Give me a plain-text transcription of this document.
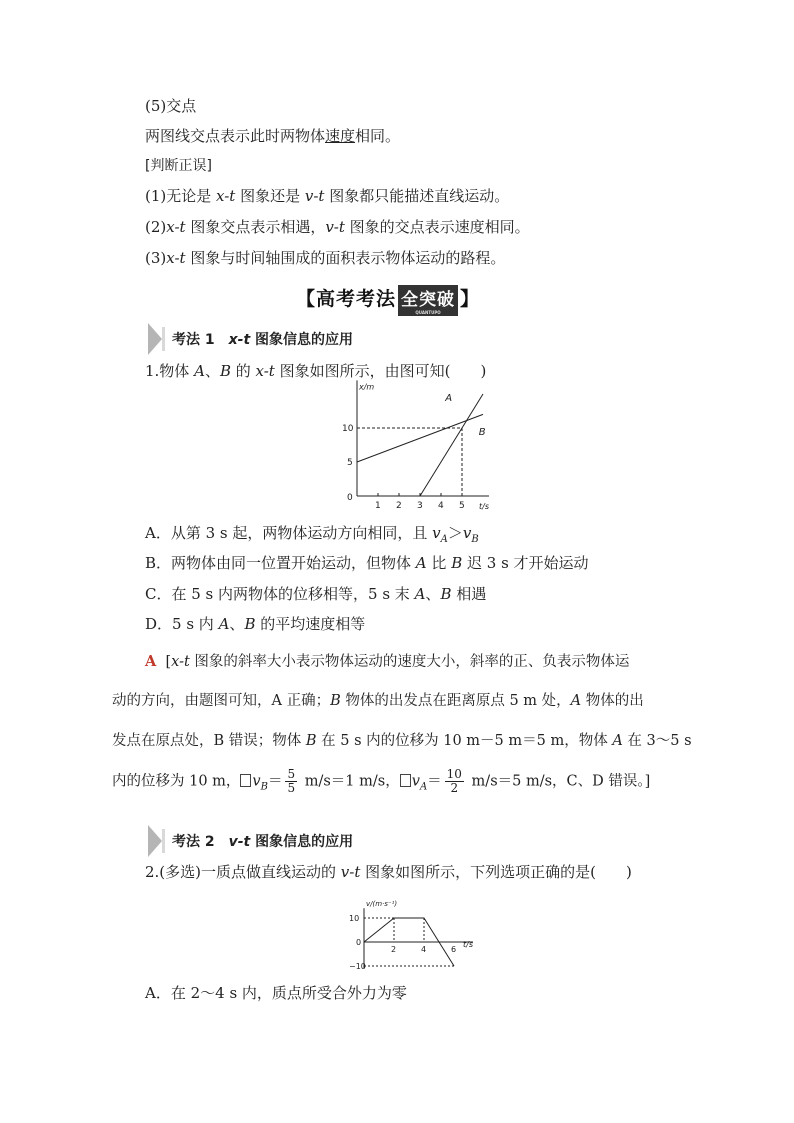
(5)交点
两图线交点表示此时两物体速度相同。
[判断正误]
(1)无论是 x-t 图象还是 v-t 图象都只能描述直线运动。
(2)x-t 图象交点表示相遇，v-t 图象的交点表示速度相同。
(3)x-t 图象与时间轴围成的面积表示物体运动的路程。
【高考考法 全突破
QUANTUPO
】
考法 1　x-t 图象信息的应用
1.物体 A、B 的 x-t 图象如图所示，由图可知(　　)
x/m
t/s
0
1 2 3 4 5
5
10
A
B
A．从第 3 s 起，两物体运动方向相同，且 $v_A>v_B$
B．两物体由同一位置开始运动，但物体 A 比 B 迟 3 s 才开始运动
C．在 5 s 内两物体的位移相等，5 s 末 A、B 相遇
D．5 s 内 A、B 的平均速度相等
A [x-t 图象的斜率大小表示物体运动的速度大小，斜率的正、负表示物体运
动的方向，由题图可知，A 正确；B 物体的出发点在距离原点 5 m 处，A 物体的出
发点在原点处，B 错误；物体 B 在 5 s 内的位移为 10 m－5 m＝5 m，物体 A 在 3～5 s
内的位移为 10 m， $v_B= \frac{5}{5} m/s=1$ m/s， $v_A= \frac{10}{2} m/s=5$ m/s，C、D 错误。]
考法 2　v-t 图象信息的应用
2.(多选)一质点做直线运动的 v-t 图象如图所示，下列选项正确的是(　　)
v/(m·s⁻¹)
t/s
10
0
−10
2	4	6
A．在 2～4 s 内，质点所受合外力为零
